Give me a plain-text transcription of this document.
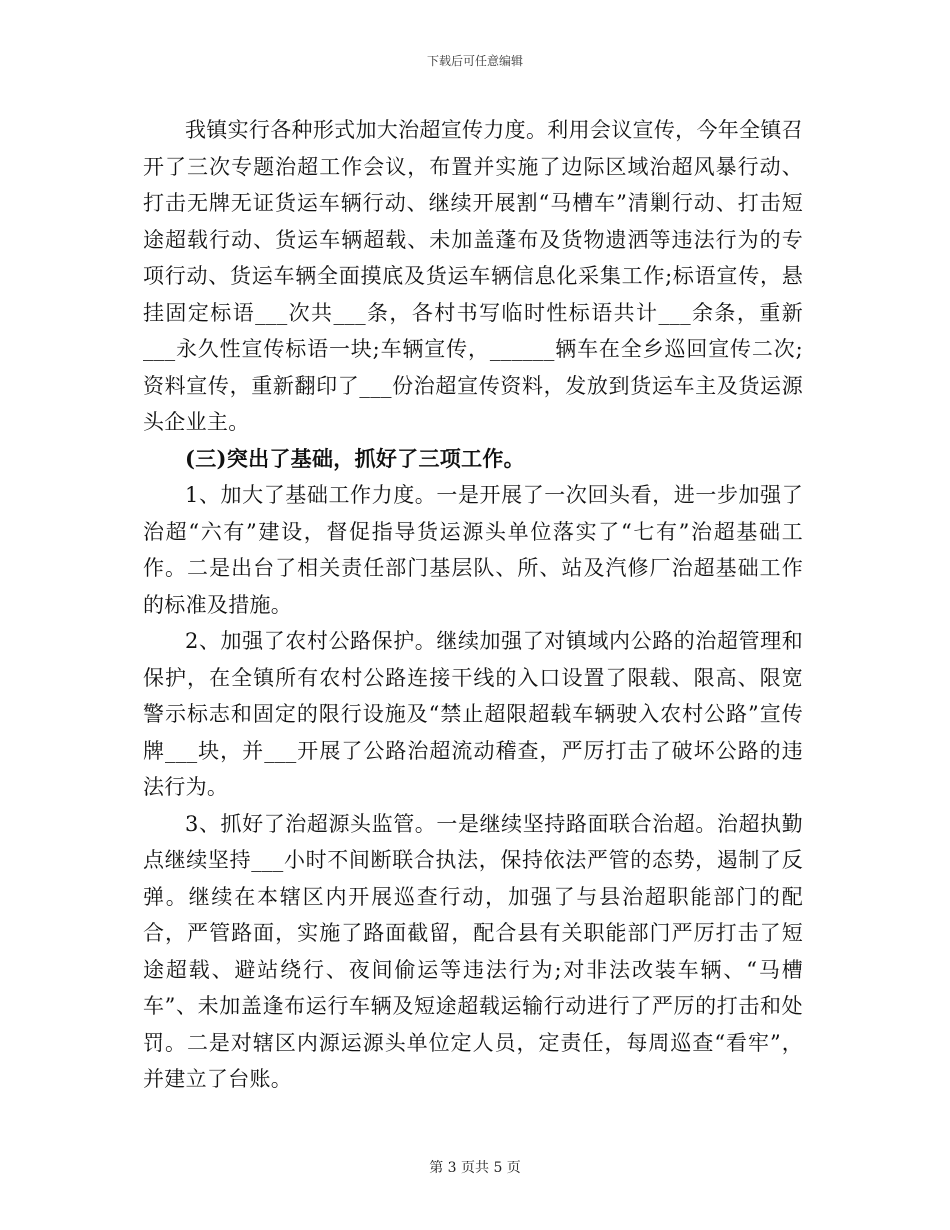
下载后可任意编辑

我镇实行各种形式加大治超宣传力度。利用会议宣传，今年全镇召开了三次专题治超工作会议，布置并实施了边际区域治超风暴行动、打击无牌无证货运车辆行动、继续开展割“马槽车”清剿行动、打击短途超载行动、货运车辆超载、未加盖蓬布及货物遗洒等违法行为的专项行动、货运车辆全面摸底及货运车辆信息化采集工作;标语宣传，悬挂固定标语___次共___条，各村书写临时性标语共计___余条，重新___永久性宣传标语一块;车辆宣传，______辆车在全乡巡回宣传二次;资料宣传，重新翻印了___份治超宣传资料，发放到货运车主及货运源头企业主。

(三)突出了基础，抓好了三项工作。

1、加大了基础工作力度。一是开展了一次回头看，进一步加强了治超“六有”建设，督促指导货运源头单位落实了“七有”治超基础工作。二是出台了相关责任部门基层队、所、站及汽修厂治超基础工作的标准及措施。

2、加强了农村公路保护。继续加强了对镇域内公路的治超管理和保护，在全镇所有农村公路连接干线的入口设置了限载、限高、限宽警示标志和固定的限行设施及“禁止超限超载车辆驶入农村公路”宣传牌___块，并___开展了公路治超流动稽查，严厉打击了破坏公路的违法行为。

3、抓好了治超源头监管。一是继续坚持路面联合治超。治超执勤点继续坚持___小时不间断联合执法，保持依法严管的态势，遏制了反弹。继续在本辖区内开展巡查行动，加强了与县治超职能部门的配合，严管路面，实施了路面截留，配合县有关职能部门严厉打击了短途超载、避站绕行、夜间偷运等违法行为;对非法改装车辆、“马槽车”、未加盖逢布运行车辆及短途超载运输行动进行了严厉的打击和处罚。二是对辖区内源运源头单位定人员，定责任，每周巡查“看牢”，并建立了台账。

第 3 页共 5 页
